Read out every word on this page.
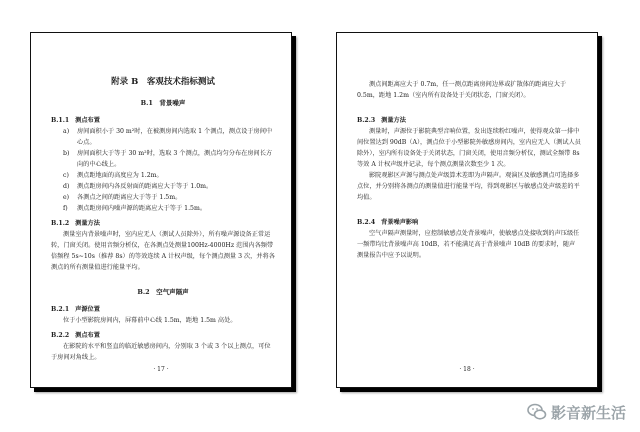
附录 B　客观技术指标测试
B.1　背景噪声
B.1.1 测点布置
a) 房间面积小于 30 m²时，在被测房间内选取 1 个测点，测点设于房间中心点。
b) 房间面积大于等于 30 m²时，选取 3 个测点，测点均匀分布在房间长方向的中心线上。
c) 测点距地面的高度应为 1.2m。
d) 测点距房间内各反射面的距离应大于等于 1.0m。
e) 各测点之间的距离应大于等于 1.5m。
f) 测点距房间内噪声源的距离应大于等于 1.5m。
B.1.2 测量方法
测量室内背景噪声时，室内应无人（测试人员除外），所有噪声源设备正常运转，门窗关闭。使用音频分析仪，在各测点处测量100Hz-4000Hz 范围内各频带倍频程 5s~10s（推荐 8s）的等效连续 A 计权声级，每个测点测量 3 次，并将各测点的所有测量值进行能量平均。
B.2　空气声隔声
B.2.1 声源位置
位于小型影院房间内，屏幕前中心线 1.5m，距地 1.5m 高处。
B.2.2 测点布置
在影院的水平和竖直的临近敏感房间内，分别取 3 个或 3 个以上测点，可位于房间对角线上。
· 17 ·
测点间距离应大于 0.7m，任一测点距离房间边界或扩散体的距离应大于 0.5m，距地 1.2m（室内所有设备处于关闭状态，门窗关闭）。
B.2.3 测量方法
测量时，声源位于影院典型音响位置，发出连续粉红噪声，使得观众第一排中间位置达到 90dB（A），测点位于小型影院外敏感房间内，室内应无人（测试人员除外），室内所有设备处于关闭状态，门窗关闭，使用音频分析仪，测试全频带 8s 等效 A 计权声级并记录，每个测点测量次数至少 1 次。
影院观影区声源与测点处声级算术差即为声隔声。观演区及敏感测点可选择多点位，并分别将各测点的测量值进行能量平均，得到观影区与敏感点处声级差的平均值。
B.2.4 背景噪声影响
空气声隔声测量时，应控制敏感点处背景噪声，使敏感点处接收到的声压级任一频带均比背景噪声高 10dB，若不能满足高于背景噪声 10dB 的要求时，随声测量报告中应予以说明。
· 18 ·
影音新生活
